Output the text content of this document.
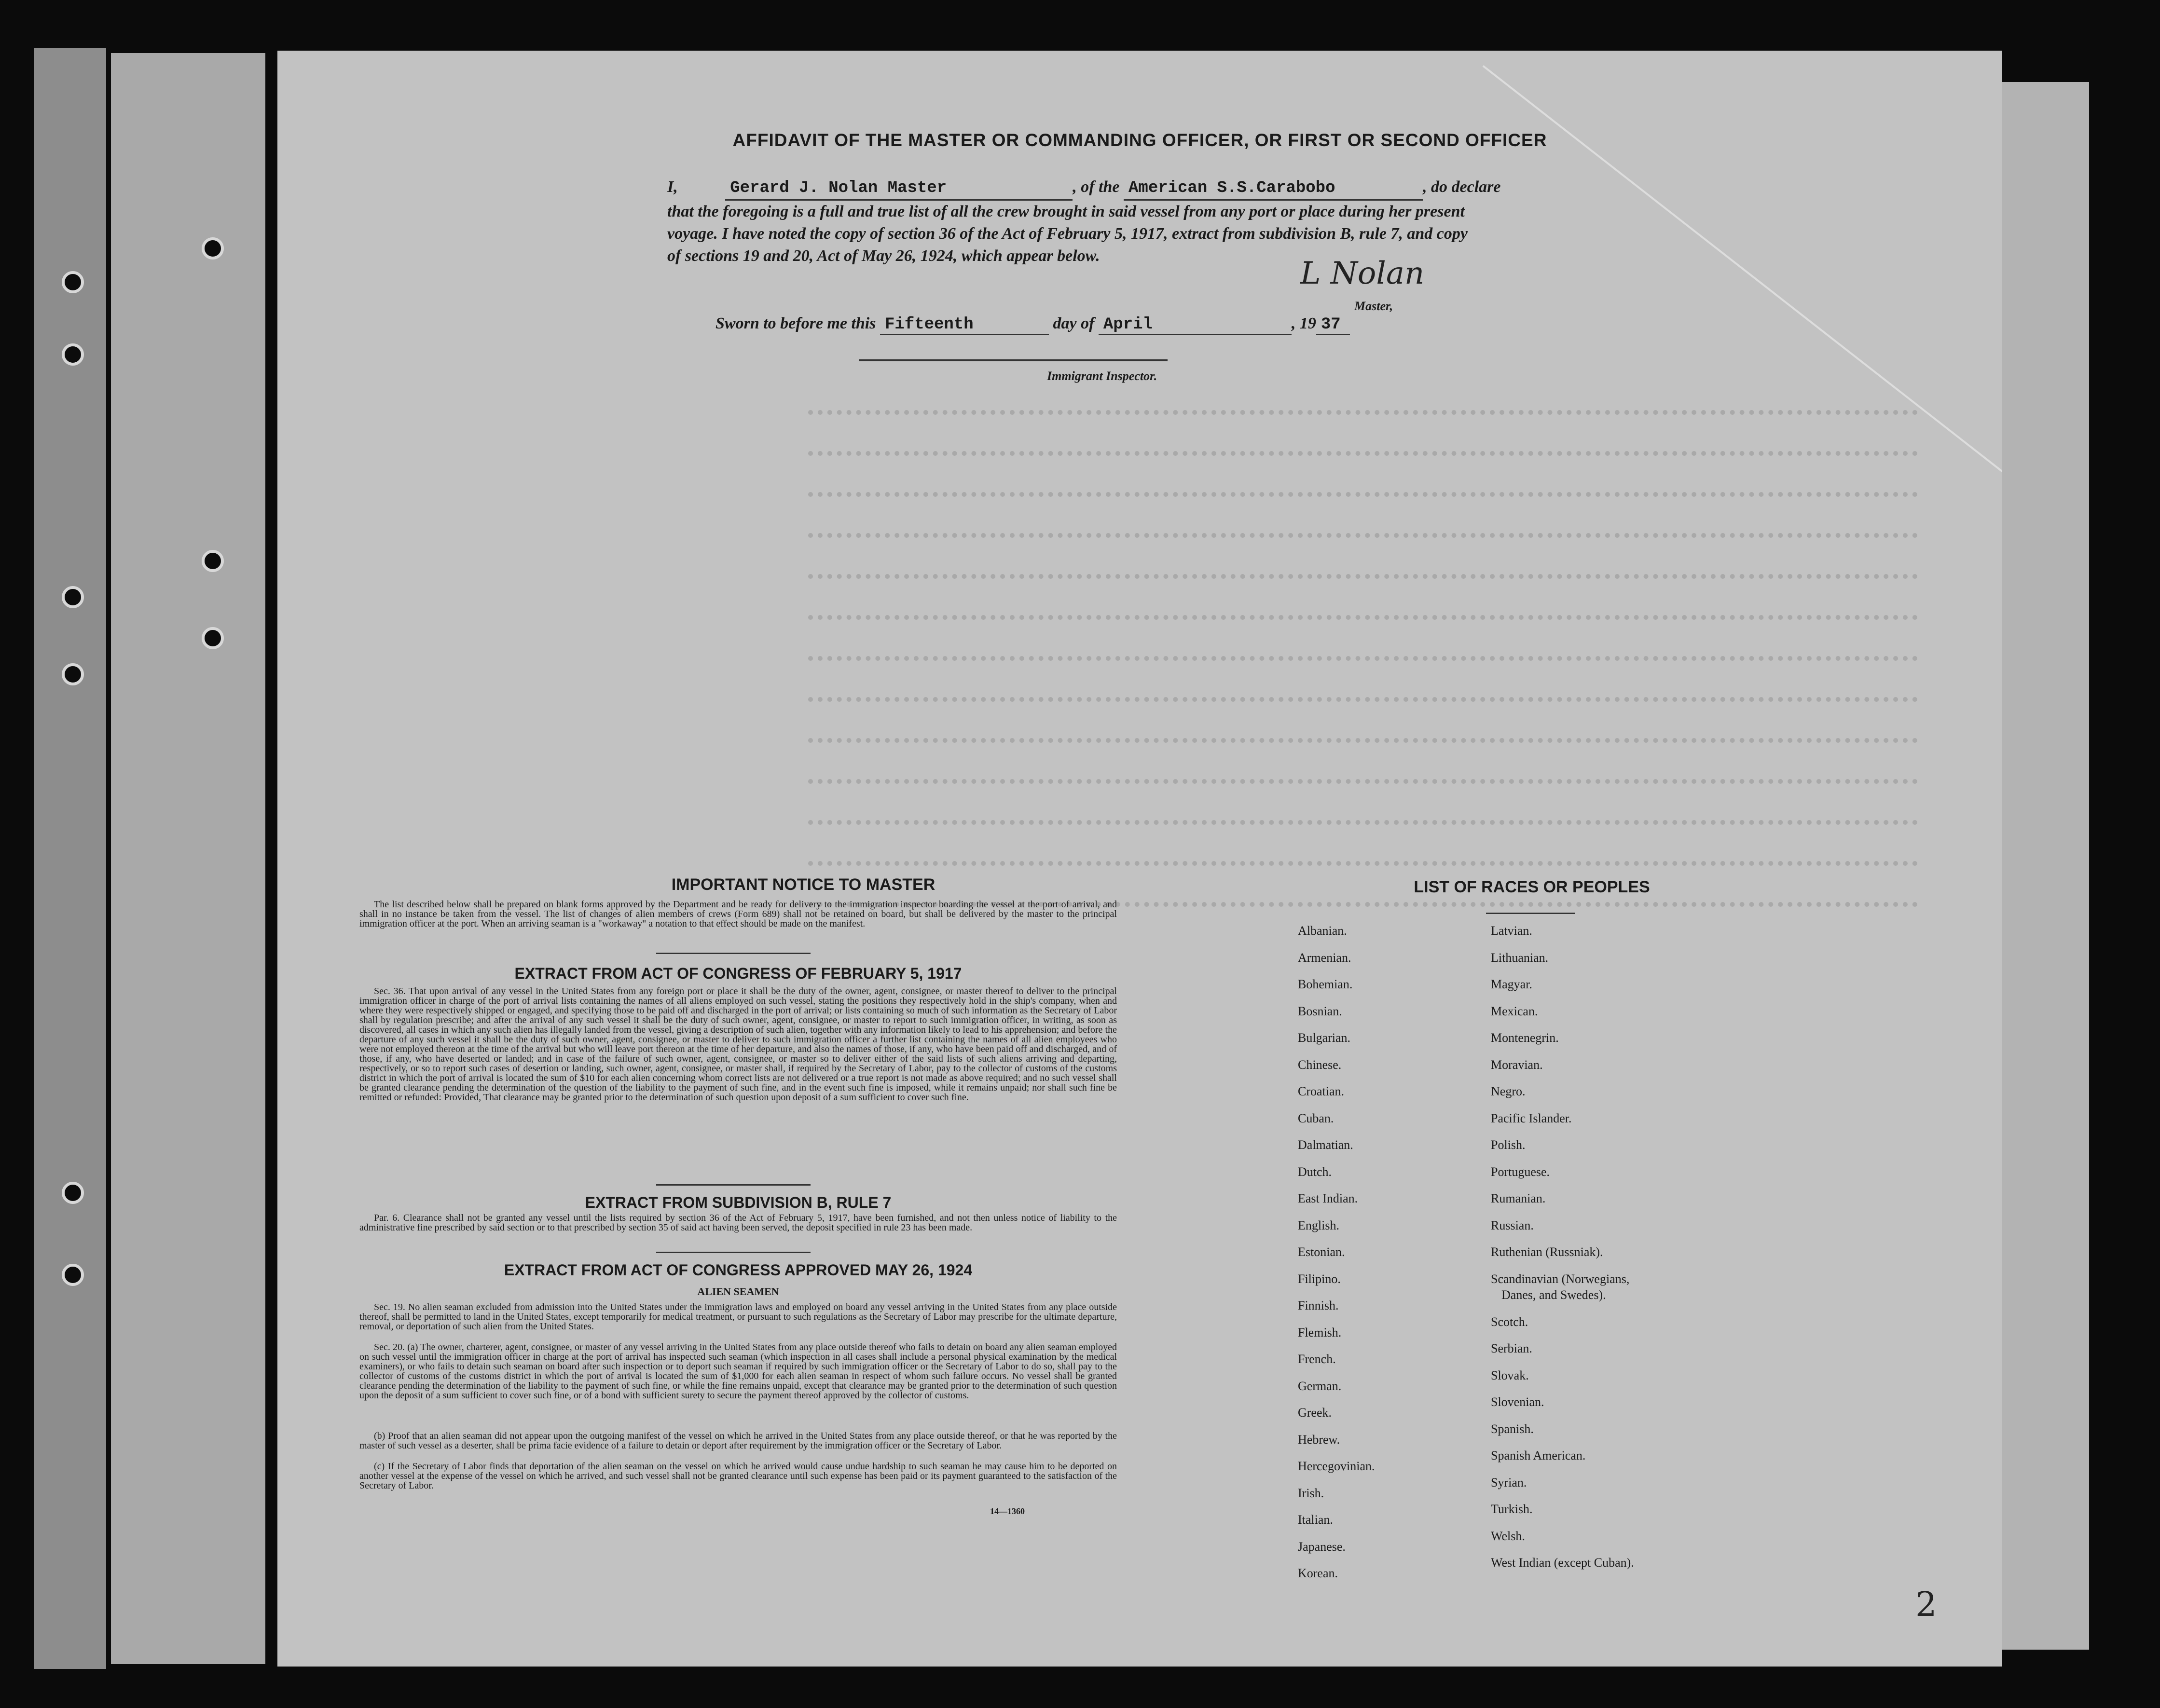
AFFIDAVIT OF THE MASTER OR COMMANDING OFFICER, OR FIRST OR SECOND OFFICER
I,	Gerard J. Nolan Master	, of the American S.S.Carabobo	, do declare
that the foregoing is a full and true list of all the crew brought in said vessel from any port or place during her present
voyage. I have noted the copy of section 36 of the Act of February 5, 1917, extract from subdivision B, rule 7, and copy
of sections 19 and 20, Act of May 26, 1924, which appear below.	L Nolan
Master,
Sworn to before me this Fifteenth	day of April	, 19 37
Immigrant Inspector.
IMPORTANT NOTICE TO MASTER
The list described below shall be prepared on blank forms approved by the Department and be ready for delivery to the immigration inspector boarding the vessel at the port of arrival, and shall in no instance be taken from the vessel. The list of changes of alien members of crews (Form 689) shall not be retained on board, but shall be delivered by the master to the principal immigration officer at the port. When an arriving seaman is a "workaway" a notation to that effect should be made on the manifest.
EXTRACT FROM ACT OF CONGRESS OF FEBRUARY 5, 1917
Sec. 36. That upon arrival of any vessel in the United States from any foreign port or place it shall be the duty of the owner, agent, consignee, or master thereof to deliver to the principal immigration officer in charge of the port of arrival lists containing the names of all aliens employed on such vessel, stating the positions they respectively hold in the ship's company, when and where they were respectively shipped or engaged, and specifying those to be paid off and discharged in the port of arrival; or lists containing so much of such information as the Secretary of Labor shall by regulation prescribe; and after the arrival of any such vessel it shall be the duty of such owner, agent, consignee, or master to report to such immigration officer, in writing, as soon as discovered, all cases in which any such alien has illegally landed from the vessel, giving a description of such alien, together with any information likely to lead to his apprehension; and before the departure of any such vessel it shall be the duty of such owner, agent, consignee, or master to deliver to such immigration officer a further list containing the names of all alien employees who were not employed thereon at the time of the arrival but who will leave port thereon at the time of her departure, and also the names of those, if any, who have been paid off and discharged, and of those, if any, who have deserted or landed; and in case of the failure of such owner, agent, consignee, or master so to deliver either of the said lists of such aliens arriving and departing, respectively, or so to report such cases of desertion or landing, such owner, agent, consignee, or master shall, if required by the Secretary of Labor, pay to the collector of customs of the customs district in which the port of arrival is located the sum of $10 for each alien concerning whom correct lists are not delivered or a true report is not made as above required; and no such vessel shall be granted clearance pending the determination of the question of the liability to the payment of such fine, and in the event such fine is imposed, while it remains unpaid; nor shall such fine be remitted or refunded: Provided, That clearance may be granted prior to the determination of such question upon deposit of a sum sufficient to cover such fine.
EXTRACT FROM SUBDIVISION B, RULE 7
Par. 6. Clearance shall not be granted any vessel until the lists required by section 36 of the Act of February 5, 1917, have been furnished, and not then unless notice of liability to the administrative fine prescribed by said section or to that prescribed by section 35 of said act having been served, the deposit specified in rule 23 has been made.
EXTRACT FROM ACT OF CONGRESS APPROVED MAY 26, 1924
ALIEN SEAMEN
Sec. 19. No alien seaman excluded from admission into the United States under the immigration laws and employed on board any vessel arriving in the United States from any place outside thereof, shall be permitted to land in the United States, except temporarily for medical treatment, or pursuant to such regulations as the Secretary of Labor may prescribe for the ultimate departure, removal, or deportation of such alien from the United States.
Sec. 20. (a) The owner, charterer, agent, consignee, or master of any vessel arriving in the United States from any place outside thereof who fails to detain on board any alien seaman employed on such vessel until the immigration officer in charge at the port of arrival has inspected such seaman (which inspection in all cases shall include a personal physical examination by the medical examiners), or who fails to detain such seaman on board after such inspection or to deport such seaman if required by such immigration officer or the Secretary of Labor to do so, shall pay to the collector of customs of the customs district in which the port of arrival is located the sum of $1,000 for each alien seaman in respect of whom such failure occurs. No vessel shall be granted clearance pending the determination of the liability to the payment of such fine, or while the fine remains unpaid, except that clearance may be granted prior to the determination of such question upon the deposit of a sum sufficient to cover such fine, or of a bond with sufficient surety to secure the payment thereof approved by the collector of customs.
(b) Proof that an alien seaman did not appear upon the outgoing manifest of the vessel on which he arrived in the United States from any place outside thereof, or that he was reported by the master of such vessel as a deserter, shall be prima facie evidence of a failure to detain or deport after requirement by the immigration officer or the Secretary of Labor.
(c) If the Secretary of Labor finds that deportation of the alien seaman on the vessel on which he arrived would cause undue hardship to such seaman he may cause him to be deported on another vessel at the expense of the vessel on which he arrived, and such vessel shall not be granted clearance until such expense has been paid or its payment guaranteed to the satisfaction of the Secretary of Labor.
14—1360
LIST OF RACES OR PEOPLES
Albanian.
Armenian.
Bohemian.
Bosnian.
Bulgarian.
Chinese.
Croatian.
Cuban.
Dalmatian.
Dutch.
East Indian.
English.
Estonian.
Filipino.
Finnish.
Flemish.
French.
German.
Greek.
Hebrew.
Hercegovinian.
Irish.
Italian.
Japanese.
Korean.
Latvian.
Lithuanian.
Magyar.
Mexican.
Montenegrin.
Moravian.
Negro.
Pacific Islander.
Polish.
Portuguese.
Rumanian.
Russian.
Ruthenian (Russniak).
Scandinavian (Norwegians,
Danes, and Swedes).
Scotch.
Serbian.
Slovak.
Slovenian.
Spanish.
Spanish American.
Syrian.
Turkish.
Welsh.
West Indian (except Cuban).
2
